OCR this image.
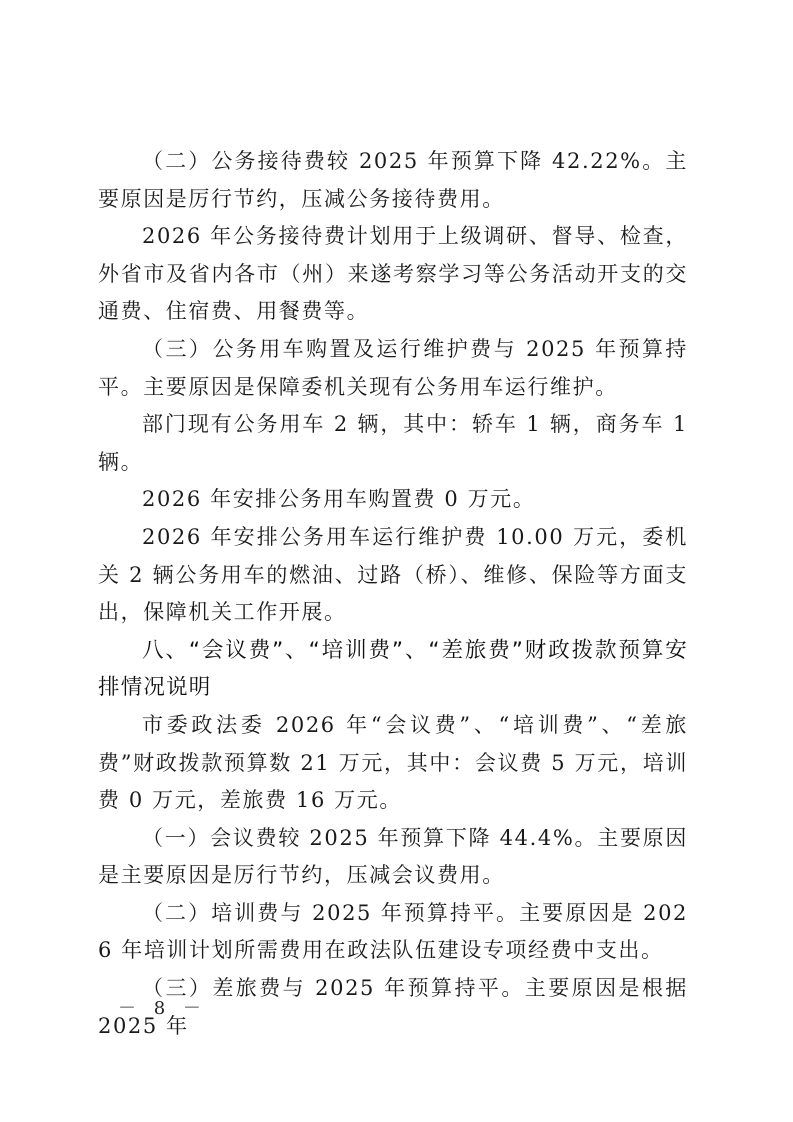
（二）公务接待费较 2025 年预算下降 42.22%。主要原因是厉行节约，压减公务接待费用。

2026 年公务接待费计划用于上级调研、督导、检查，外省市及省内各市（州）来遂考察学习等公务活动开支的交通费、住宿费、用餐费等。

（三）公务用车购置及运行维护费与 2025 年预算持平。主要原因是保障委机关现有公务用车运行维护。

部门现有公务用车 2 辆，其中：轿车 1 辆，商务车 1 辆。

2026 年安排公务用车购置费 0 万元。

2026 年安排公务用车运行维护费 10.00 万元，委机关 2 辆公务用车的燃油、过路（桥）、维修、保险等方面支出，保障机关工作开展。

八、“会议费”、“培训费”、“差旅费”财政拨款预算安排情况说明

市委政法委 2026 年“会议费”、“培训费”、“差旅费”财政拨款预算数 21 万元，其中：会议费 5 万元，培训费 0 万元，差旅费 16 万元。

（一）会议费较 2025 年预算下降 44.4%。主要原因是主要原因是厉行节约，压减会议费用。

（二）培训费与 2025 年预算持平。主要原因是 2026 年培训计划所需费用在政法队伍建设专项经费中支出。

（三）差旅费与 2025 年预算持平。主要原因是根据 2025 年

－ 8 －
